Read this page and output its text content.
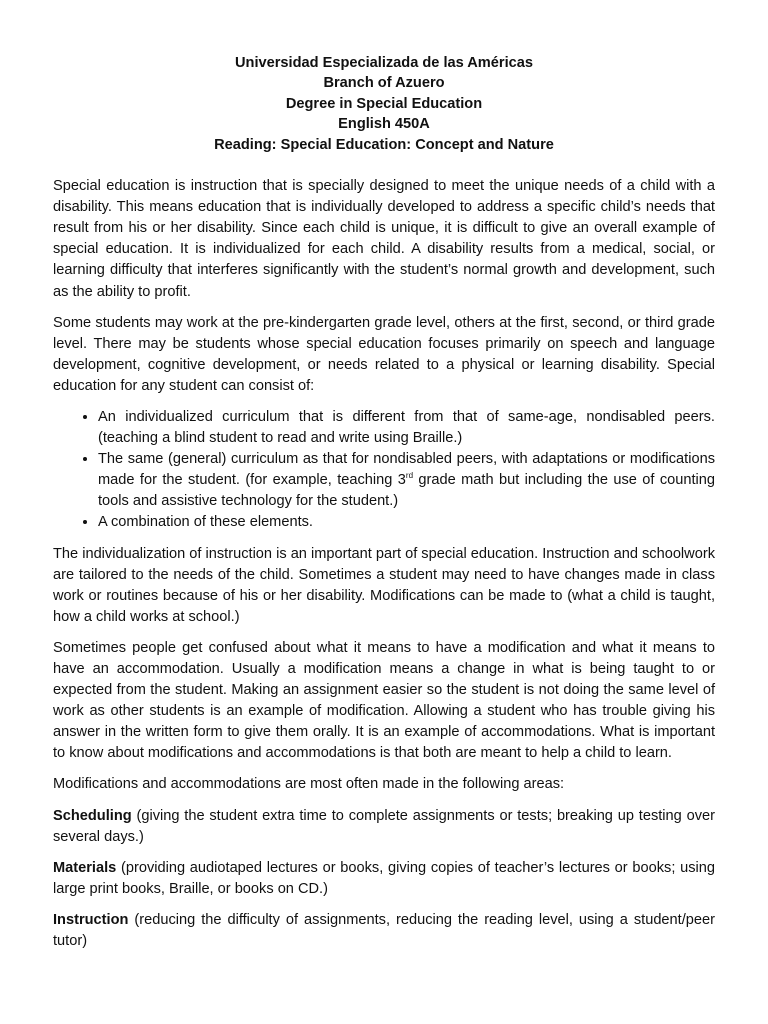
Universidad Especializada de las Américas
Branch of Azuero
Degree in Special Education
English 450A
Reading: Special Education: Concept and Nature

Special education is instruction that is specially designed to meet the unique needs of a child with a disability. This means education that is individually developed to address a specific child’s needs that result from his or her disability. Since each child is unique, it is difficult to give an overall example of special education. It is individualized for each child. A disability results from a medical, social, or learning difficulty that interferes significantly with the student’s normal growth and development, such as the ability to profit.

Some students may work at the pre-kindergarten grade level, others at the first, second, or third grade level. There may be students whose special education focuses primarily on speech and language development, cognitive development, or needs related to a physical or learning disability. Special education for any student can consist of:

• An individualized curriculum that is different from that of same-age, nondisabled peers. (teaching a blind student to read and write using Braille.)
• The same (general) curriculum as that for nondisabled peers, with adaptations or modifications made for the student. (for example, teaching 3rd grade math but including the use of counting tools and assistive technology for the student.)
• A combination of these elements.

The individualization of instruction is an important part of special education. Instruction and schoolwork are tailored to the needs of the child. Sometimes a student may need to have changes made in class work or routines because of his or her disability. Modifications can be made to (what a child is taught, how a child works at school.)

Sometimes people get confused about what it means to have a modification and what it means to have an accommodation. Usually a modification means a change in what is being taught to or expected from the student. Making an assignment easier so the student is not doing the same level of work as other students is an example of modification. Allowing a student who has trouble giving his answer in the written form to give them orally. It is an example of accommodations. What is important to know about modifications and accommodations is that both are meant to help a child to learn.

Modifications and accommodations are most often made in the following areas:

Scheduling (giving the student extra time to complete assignments or tests; breaking up testing over several days.)

Materials (providing audiotaped lectures or books, giving copies of teacher’s lectures or books; using large print books, Braille, or books on CD.)

Instruction (reducing the difficulty of assignments, reducing the reading level, using a student/peer tutor)
